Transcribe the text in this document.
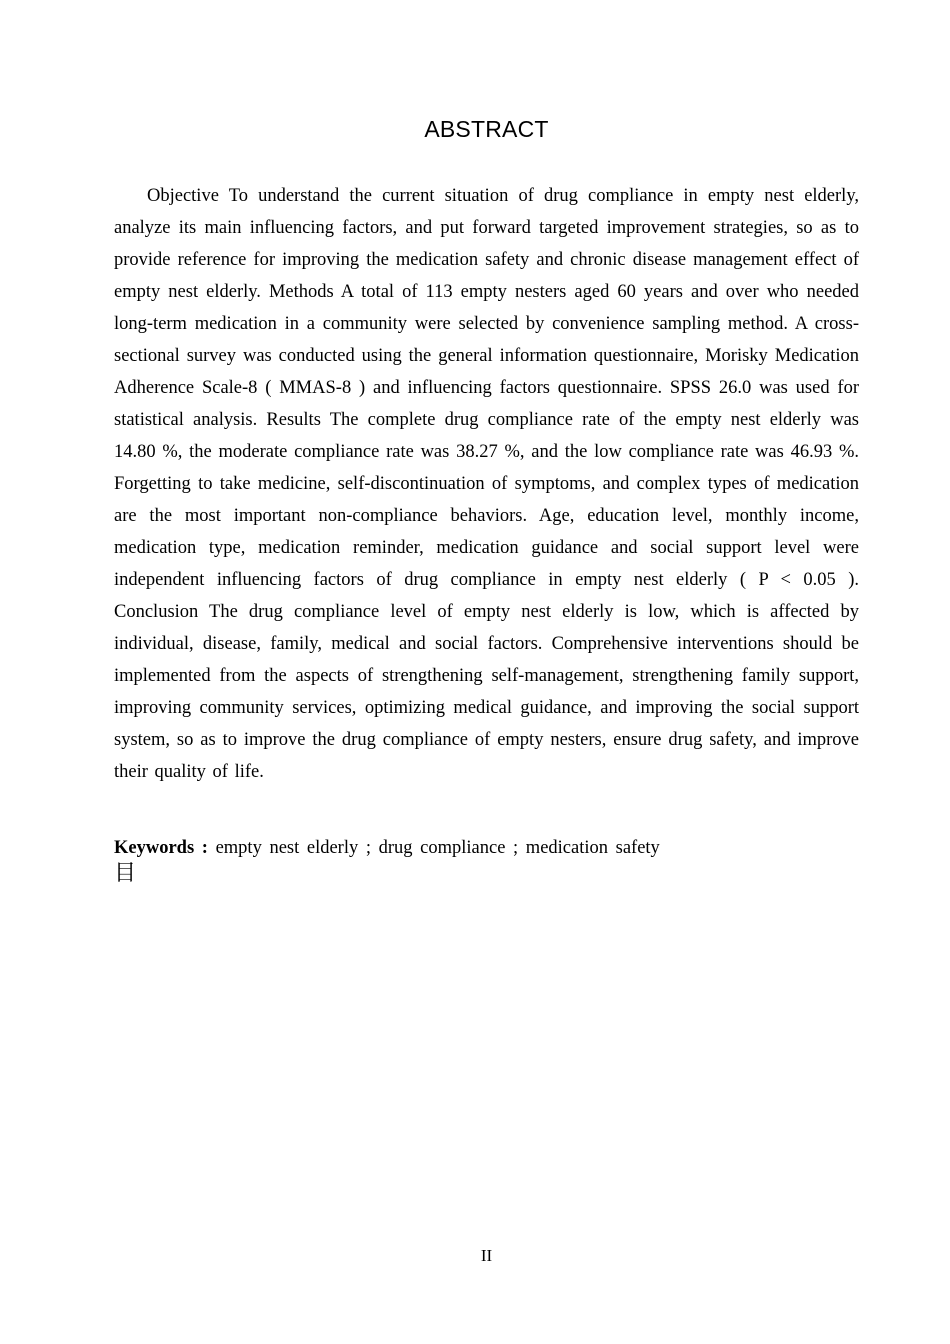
ABSTRACT

Objective To understand the current situation of drug compliance in empty nest elderly, analyze its main influencing factors, and put forward targeted improvement strategies, so as to provide reference for improving the medication safety and chronic disease management effect of empty nest elderly. Methods A total of 113 empty nesters aged 60 years and over who needed long-term medication in a community were selected by convenience sampling method. A cross-sectional survey was conducted using the general information questionnaire, Morisky Medication Adherence Scale-8 ( MMAS-8 ) and influencing factors questionnaire. SPSS 26.0 was used for statistical analysis. Results The complete drug compliance rate of the empty nest elderly was 14.80 %, the moderate compliance rate was 38.27 %, and the low compliance rate was 46.93 %. Forgetting to take medicine, self-discontinuation of symptoms, and complex types of medication are the most important non-compliance behaviors. Age, education level, monthly income, medication type, medication reminder, medication guidance and social support level were independent influencing factors of drug compliance in empty nest elderly ( P < 0.05 ). Conclusion The drug compliance level of empty nest elderly is low, which is affected by individual, disease, family, medical and social factors. Comprehensive interventions should be implemented from the aspects of strengthening self-management, strengthening family support, improving community services, optimizing medical guidance, and improving the social support system, so as to improve the drug compliance of empty nesters, ensure drug safety, and improve their quality of life.

Keywords : empty nest elderly ; drug compliance ; medication safety

目
II
